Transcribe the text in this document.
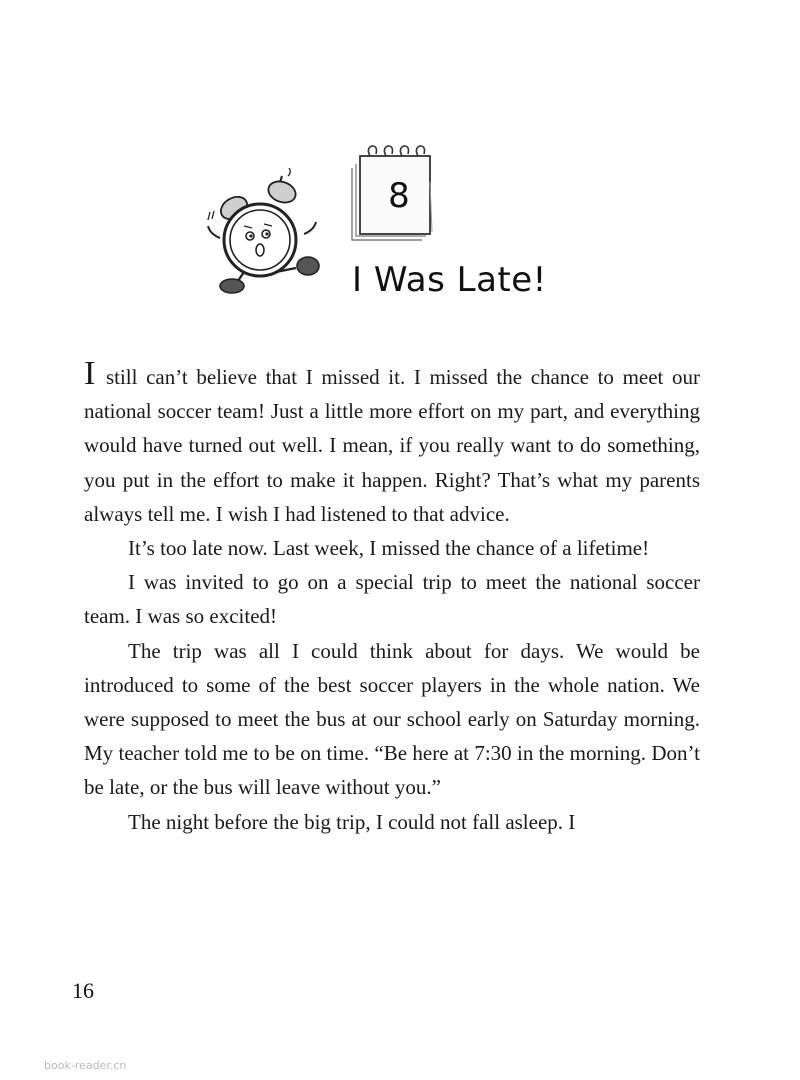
8
I Was Late!

I still can’t believe that I missed it. I missed the chance to meet our national soccer team! Just a little more effort on my part, and everything would have turned out well. I mean, if you really want to do something, you put in the effort to make it happen. Right? That’s what my parents always tell me. I wish I had listened to that advice.

It’s too late now. Last week, I missed the chance of a lifetime!

I was invited to go on a special trip to meet the national soccer team. I was so excited!

The trip was all I could think about for days. We would be introduced to some of the best soccer players in the whole nation. We were supposed to meet the bus at our school early on Saturday morning. My teacher told me to be on time. “Be here at 7:30 in the morning. Don’t be late, or the bus will leave without you.”

The night before the big trip, I could not fall asleep. I

16
book-reader.cn
